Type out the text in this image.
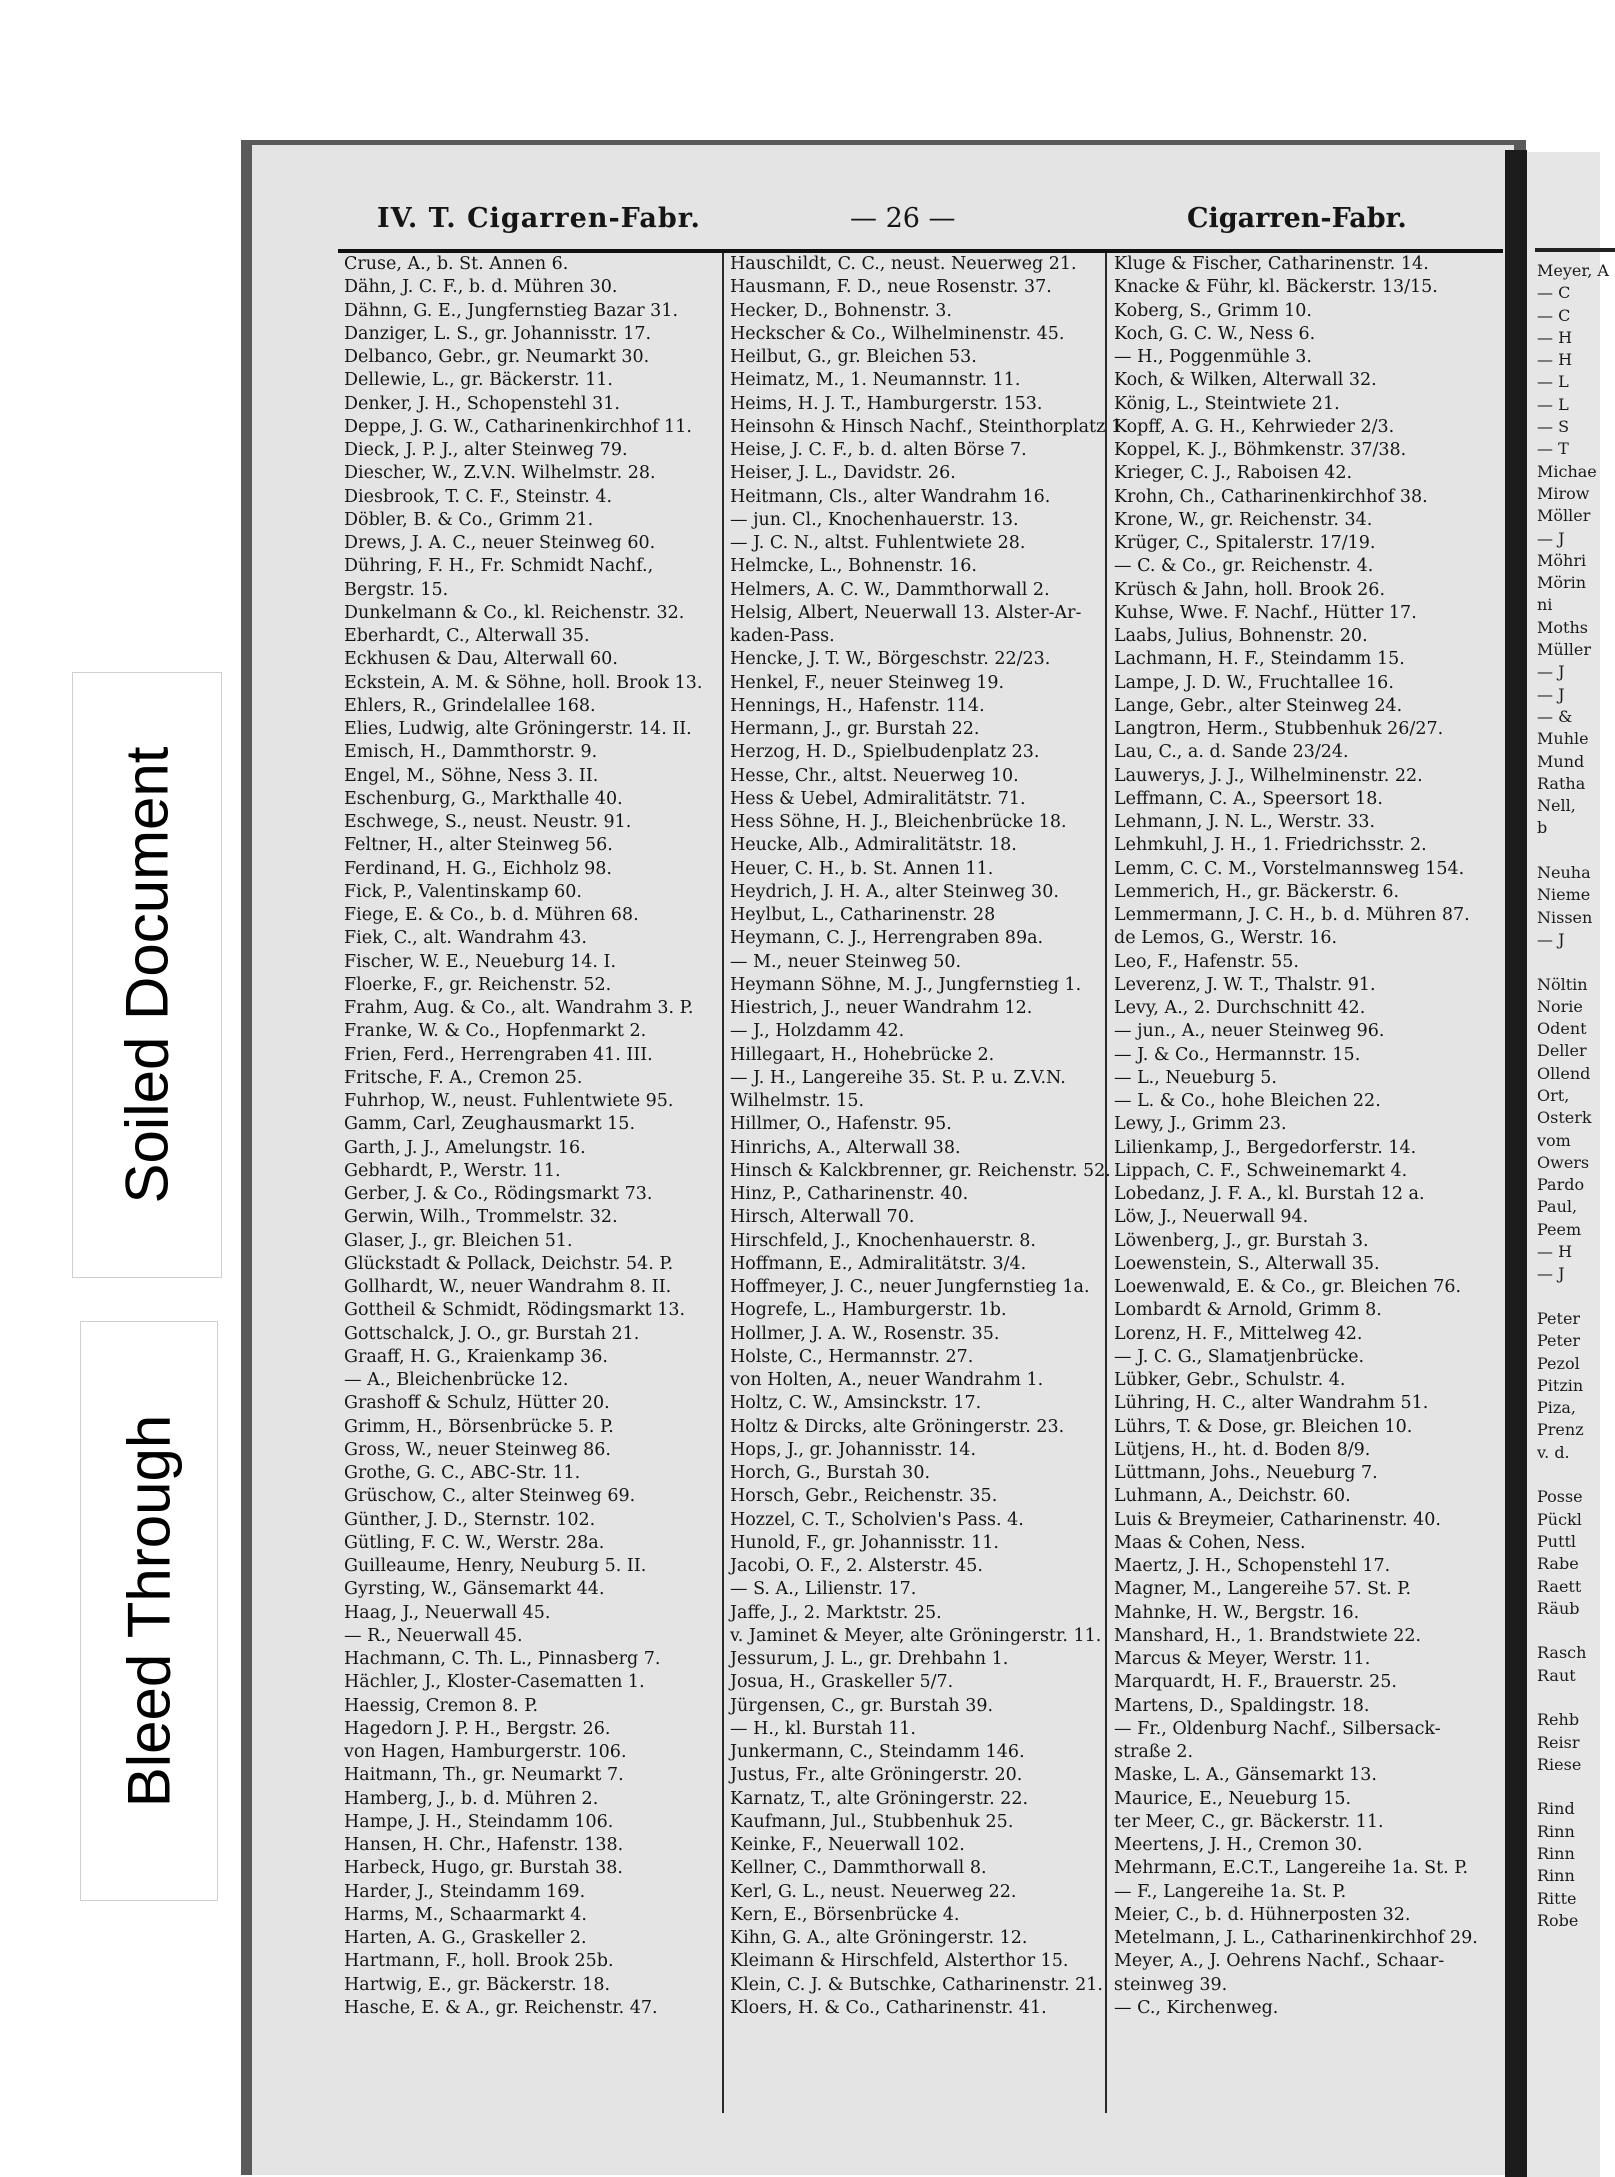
IV. T. Cigarren-Fabr.	— 26 —	Cigarren-Fabr.
Cruse, A., b. St. Annen 6.
Dähn, J. C. F., b. d. Mühren 30.
Dähnn, G. E., Jungfernstieg Bazar 31.
Danziger, L. S., gr. Johannisstr. 17.
Delbanco, Gebr., gr. Neumarkt 30.
Dellewie, L., gr. Bäckerstr. 11.
Denker, J. H., Schopenstehl 31.
Deppe, J. G. W., Catharinenkirchhof 11.
Dieck, J. P. J., alter Steinweg 79.
Diescher, W., Z.V.N. Wilhelmstr. 28.
Diesbrook, T. C. F., Steinstr. 4.
Döbler, B. & Co., Grimm 21.
Drews, J. A. C., neuer Steinweg 60.
Dühring, F. H., Fr. Schmidt Nachf.,
Bergstr. 15.
Dunkelmann & Co., kl. Reichenstr. 32.
Eberhardt, C., Alterwall 35.
Eckhusen & Dau, Alterwall 60.
Eckstein, A. M. & Söhne, holl. Brook 13.
Ehlers, R., Grindelallee 168.
Elies, Ludwig, alte Gröningerstr. 14. II.
Emisch, H., Dammthorstr. 9.
Engel, M., Söhne, Ness 3. II.
Eschenburg, G., Markthalle 40.
Eschwege, S., neust. Neustr. 91.
Feltner, H., alter Steinweg 56.
Ferdinand, H. G., Eichholz 98.
Fick, P., Valentinskamp 60.
Fiege, E. & Co., b. d. Mühren 68.
Fiek, C., alt. Wandrahm 43.
Fischer, W. E., Neueburg 14. I.
Floerke, F., gr. Reichenstr. 52.
Frahm, Aug. & Co., alt. Wandrahm 3. P.
Franke, W. & Co., Hopfenmarkt 2.
Frien, Ferd., Herrengraben 41. III.
Fritsche, F. A., Cremon 25.
Fuhrhop, W., neust. Fuhlentwiete 95.
Gamm, Carl, Zeughausmarkt 15.
Garth, J. J., Amelungstr. 16.
Gebhardt, P., Werstr. 11.
Gerber, J. & Co., Rödingsmarkt 73.
Gerwin, Wilh., Trommelstr. 32.
Glaser, J., gr. Bleichen 51.
Glückstadt & Pollack, Deichstr. 54. P.
Gollhardt, W., neuer Wandrahm 8. II.
Gottheil & Schmidt, Rödingsmarkt 13.
Gottschalck, J. O., gr. Burstah 21.
Graaff, H. G., Kraienkamp 36.
— A., Bleichenbrücke 12.
Grashoff & Schulz, Hütter 20.
Grimm, H., Börsenbrücke 5. P.
Gross, W., neuer Steinweg 86.
Grothe, G. C., ABC-Str. 11.
Grüschow, C., alter Steinweg 69.
Günther, J. D., Sternstr. 102.
Gütling, F. C. W., Werstr. 28a.
Guilleaume, Henry, Neuburg 5. II.
Gyrsting, W., Gänsemarkt 44.
Haag, J., Neuerwall 45.
— R., Neuerwall 45.
Hachmann, C. Th. L., Pinnasberg 7.
Hächler, J., Kloster-Casematten 1.
Haessig, Cremon 8. P.
Hagedorn J. P. H., Bergstr. 26.
von Hagen, Hamburgerstr. 106.
Haitmann, Th., gr. Neumarkt 7.
Hamberg, J., b. d. Mühren 2.
Hampe, J. H., Steindamm 106.
Hansen, H. Chr., Hafenstr. 138.
Harbeck, Hugo, gr. Burstah 38.
Harder, J., Steindamm 169.
Harms, M., Schaarmarkt 4.
Harten, A. G., Graskeller 2.
Hartmann, F., holl. Brook 25b.
Hartwig, E., gr. Bäckerstr. 18.
Hasche, E. & A., gr. Reichenstr. 47.
Hauschildt, C. C., neust. Neuerweg 21.
Hausmann, F. D., neue Rosenstr. 37.
Hecker, D., Bohnenstr. 3.
Heckscher & Co., Wilhelminenstr. 45.
Heilbut, G., gr. Bleichen 53.
Heimatz, M., 1. Neumannstr. 11.
Heims, H. J. T., Hamburgerstr. 153.
Heinsohn & Hinsch Nachf., Steinthorplatz 1.
Heise, J. C. F., b. d. alten Börse 7.
Heiser, J. L., Davidstr. 26.
Heitmann, Cls., alter Wandrahm 16.
— jun. Cl., Knochenhauerstr. 13.
— J. C. N., altst. Fuhlentwiete 28.
Helmcke, L., Bohnenstr. 16.
Helmers, A. C. W., Dammthorwall 2.
Helsig, Albert, Neuerwall 13. Alster-Ar-
kaden-Pass.
Hencke, J. T. W., Börgeschstr. 22/23.
Henkel, F., neuer Steinweg 19.
Hennings, H., Hafenstr. 114.
Hermann, J., gr. Burstah 22.
Herzog, H. D., Spielbudenplatz 23.
Hesse, Chr., altst. Neuerweg 10.
Hess & Uebel, Admiralitätstr. 71.
Hess Söhne, H. J., Bleichenbrücke 18.
Heucke, Alb., Admiralitätstr. 18.
Heuer, C. H., b. St. Annen 11.
Heydrich, J. H. A., alter Steinweg 30.
Heylbut, L., Catharinenstr. 28
Heymann, C. J., Herrengraben 89a.
— M., neuer Steinweg 50.
Heymann Söhne, M. J., Jungfernstieg 1.
Hiestrich, J., neuer Wandrahm 12.
— J., Holzdamm 42.
Hillegaart, H., Hohebrücke 2.
— J. H., Langereihe 35. St. P. u. Z.V.N.
Wilhelmstr. 15.
Hillmer, O., Hafenstr. 95.
Hinrichs, A., Alterwall 38.
Hinsch & Kalckbrenner, gr. Reichenstr. 52.
Hinz, P., Catharinenstr. 40.
Hirsch, Alterwall 70.
Hirschfeld, J., Knochenhauerstr. 8.
Hoffmann, E., Admiralitätstr. 3/4.
Hoffmeyer, J. C., neuer Jungfernstieg 1a.
Hogrefe, L., Hamburgerstr. 1b.
Hollmer, J. A. W., Rosenstr. 35.
Holste, C., Hermannstr. 27.
von Holten, A., neuer Wandrahm 1.
Holtz, C. W., Amsinckstr. 17.
Holtz & Dircks, alte Gröningerstr. 23.
Hops, J., gr. Johannisstr. 14.
Horch, G., Burstah 30.
Horsch, Gebr., Reichenstr. 35.
Hozzel, C. T., Scholvien's Pass. 4.
Hunold, F., gr. Johannisstr. 11.
Jacobi, O. F., 2. Alsterstr. 45.
— S. A., Lilienstr. 17.
Jaffe, J., 2. Marktstr. 25.
v. Jaminet & Meyer, alte Gröningerstr. 11.
Jessurum, J. L., gr. Drehbahn 1.
Josua, H., Graskeller 5/7.
Jürgensen, C., gr. Burstah 39.
— H., kl. Burstah 11.
Junkermann, C., Steindamm 146.
Justus, Fr., alte Gröningerstr. 20.
Karnatz, T., alte Gröningerstr. 22.
Kaufmann, Jul., Stubbenhuk 25.
Keinke, F., Neuerwall 102.
Kellner, C., Dammthorwall 8.
Kerl, G. L., neust. Neuerweg 22.
Kern, E., Börsenbrücke 4.
Kihn, G. A., alte Gröningerstr. 12.
Kleimann & Hirschfeld, Alsterthor 15.
Klein, C. J. & Butschke, Catharinenstr. 21.
Kloers, H. & Co., Catharinenstr. 41.
Kluge & Fischer, Catharinenstr. 14.
Knacke & Führ, kl. Bäckerstr. 13/15.
Koberg, S., Grimm 10.
Koch, G. C. W., Ness 6.
— H., Poggenmühle 3.
Koch, & Wilken, Alterwall 32.
König, L., Steintwiete 21.
Kopff, A. G. H., Kehrwieder 2/3.
Koppel, K. J., Böhmkenstr. 37/38.
Krieger, C. J., Raboisen 42.
Krohn, Ch., Catharinenkirchhof 38.
Krone, W., gr. Reichenstr. 34.
Krüger, C., Spitalerstr. 17/19.
— C. & Co., gr. Reichenstr. 4.
Krüsch & Jahn, holl. Brook 26.
Kuhse, Wwe. F. Nachf., Hütter 17.
Laabs, Julius, Bohnenstr. 20.
Lachmann, H. F., Steindamm 15.
Lampe, J. D. W., Fruchtallee 16.
Lange, Gebr., alter Steinweg 24.
Langtron, Herm., Stubbenhuk 26/27.
Lau, C., a. d. Sande 23/24.
Lauwerys, J. J., Wilhelminenstr. 22.
Leffmann, C. A., Speersort 18.
Lehmann, J. N. L., Werstr. 33.
Lehmkuhl, J. H., 1. Friedrichsstr. 2.
Lemm, C. C. M., Vorstelmannsweg 154.
Lemmerich, H., gr. Bäckerstr. 6.
Lemmermann, J. C. H., b. d. Mühren 87.
de Lemos, G., Werstr. 16.
Leo, F., Hafenstr. 55.
Leverenz, J. W. T., Thalstr. 91.
Levy, A., 2. Durchschnitt 42.
— jun., A., neuer Steinweg 96.
— J. & Co., Hermannstr. 15.
— L., Neueburg 5.
— L. & Co., hohe Bleichen 22.
Lewy, J., Grimm 23.
Lilienkamp, J., Bergedorferstr. 14.
Lippach, C. F., Schweinemarkt 4.
Lobedanz, J. F. A., kl. Burstah 12 a.
Löw, J., Neuerwall 94.
Löwenberg, J., gr. Burstah 3.
Loewenstein, S., Alterwall 35.
Loewenwald, E. & Co., gr. Bleichen 76.
Lombardt & Arnold, Grimm 8.
Lorenz, H. F., Mittelweg 42.
— J. C. G., Slamatjenbrücke.
Lübker, Gebr., Schulstr. 4.
Lühring, H. C., alter Wandrahm 51.
Lührs, T. & Dose, gr. Bleichen 10.
Lütjens, H., ht. d. Boden 8/9.
Lüttmann, Johs., Neueburg 7.
Luhmann, A., Deichstr. 60.
Luis & Breymeier, Catharinenstr. 40.
Maas & Cohen, Ness.
Maertz, J. H., Schopenstehl 17.
Magner, M., Langereihe 57. St. P.
Mahnke, H. W., Bergstr. 16.
Manshard, H., 1. Brandstwiete 22.
Marcus & Meyer, Werstr. 11.
Marquardt, H. F., Brauerstr. 25.
Martens, D., Spaldingstr. 18.
— Fr., Oldenburg Nachf., Silbersack-
straße 2.
Maske, L. A., Gänsemarkt 13.
Maurice, E., Neueburg 15.
ter Meer, C., gr. Bäckerstr. 11.
Meertens, J. H., Cremon 30.
Mehrmann, E.C.T., Langereihe 1a. St. P.
— F., Langereihe 1a. St. P.
Meier, C., b. d. Hühnerposten 32.
Metelmann, J. L., Catharinenkirchhof 29.
Meyer, A., J. Oehrens Nachf., Schaar-
steinweg 39.
— C., Kirchenweg.
Meyer, A
— C
— C
— H
— H
— L
— L
— S
— T
Michae
Mirow
Möller
— J
Möhri
Mörin
ni
Moths
Müller
— J
— J
— &
Muhle
Mund
Ratha
Nell,
b
Neuha
Nieme
Nissen
— J
Nöltin
Norie
Odent
Deller
Ollend
Ort,
Osterk
vom
Owers
Pardo
Paul,
Peem
— H
— J
Peter
Peter
Pezol
Pitzin
Piza,
Prenz
v. d.
Posse
Pückl
Puttl
Rabe
Raett
Räub
Rasch
Raut
Rehb
Reisr
Riese
Rind
Rinn
Rinn
Rinn
Ritte
Robe
Soiled Document
Bleed Through
